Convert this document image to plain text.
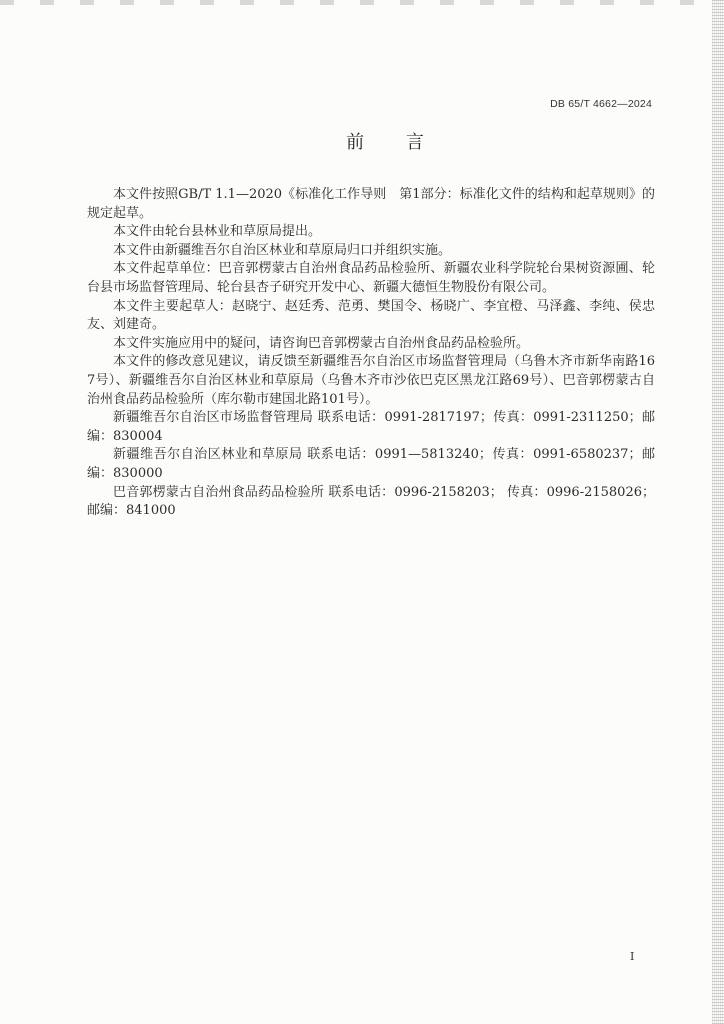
DB 65/T 4662—2024
前 言

本文件按照GB/T 1.1—2020《标准化工作导则　第1部分：标准化文件的结构和起草规则》的规定起草。

本文件由轮台县林业和草原局提出。

本文件由新疆维吾尔自治区林业和草原局归口并组织实施。

本文件起草单位：巴音郭楞蒙古自治州食品药品检验所、新疆农业科学院轮台果树资源圃、轮台县市场监督管理局、轮台县杏子研究开发中心、新疆大德恒生物股份有限公司。

本文件主要起草人：赵晓宁、赵廷秀、范勇、樊国令、杨晓广、李宜橙、马泽鑫、李纯、侯忠友、刘建奇。

本文件实施应用中的疑问，请咨询巴音郭楞蒙古自治州食品药品检验所。

本文件的修改意见建议，请反馈至新疆维吾尔自治区市场监督管理局（乌鲁木齐市新华南路167号）、新疆维吾尔自治区林业和草原局（乌鲁木齐市沙依巴克区黑龙江路69号）、巴音郭楞蒙古自治州食品药品检验所（库尔勒市建国北路101号）。

新疆维吾尔自治区市场监督管理局 联系电话：0991-2817197；传真：0991-2311250；邮编：830004

新疆维吾尔自治区林业和草原局 联系电话：0991—5813240；传真：0991-6580237；邮编：830000

巴音郭楞蒙古自治州食品药品检验所 联系电话：0996-2158203； 传真：0996-2158026； 邮编：841000

I
